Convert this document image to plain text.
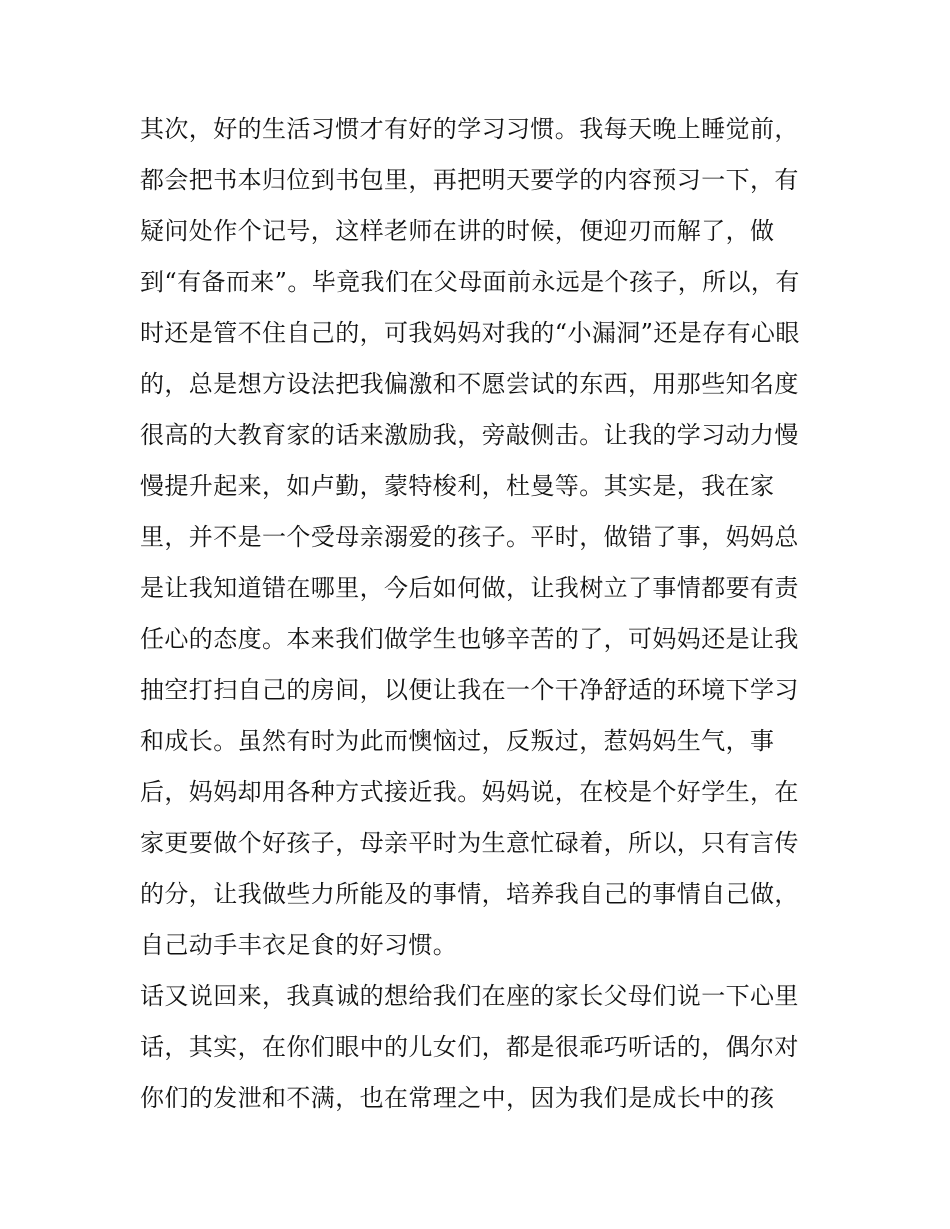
其次，好的生活习惯才有好的学习习惯。我每天晚上睡觉前，
都会把书本归位到书包里，再把明天要学的内容预习一下，有
疑问处作个记号，这样老师在讲的时候，便迎刃而解了，做
到“有备而来”。毕竟我们在父母面前永远是个孩子，所以，有
时还是管不住自己的，可我妈妈对我的“小漏洞”还是存有心眼
的，总是想方设法把我偏激和不愿尝试的东西，用那些知名度
很高的大教育家的话来激励我，旁敲侧击。让我的学习动力慢
慢提升起来，如卢勤，蒙特梭利，杜曼等。其实是，我在家
里，并不是一个受母亲溺爱的孩子。平时，做错了事，妈妈总
是让我知道错在哪里，今后如何做，让我树立了事情都要有责
任心的态度。本来我们做学生也够辛苦的了，可妈妈还是让我
抽空打扫自己的房间，以便让我在一个干净舒适的环境下学习
和成长。虽然有时为此而懊恼过，反叛过，惹妈妈生气，事
后，妈妈却用各种方式接近我。妈妈说，在校是个好学生，在
家更要做个好孩子，母亲平时为生意忙碌着，所以，只有言传
的分，让我做些力所能及的事情，培养我自己的事情自己做，
自己动手丰衣足食的好习惯。
话又说回来，我真诚的想给我们在座的家长父母们说一下心里
话，其实，在你们眼中的儿女们，都是很乖巧听话的，偶尔对
你们的发泄和不满，也在常理之中，因为我们是成长中的孩
